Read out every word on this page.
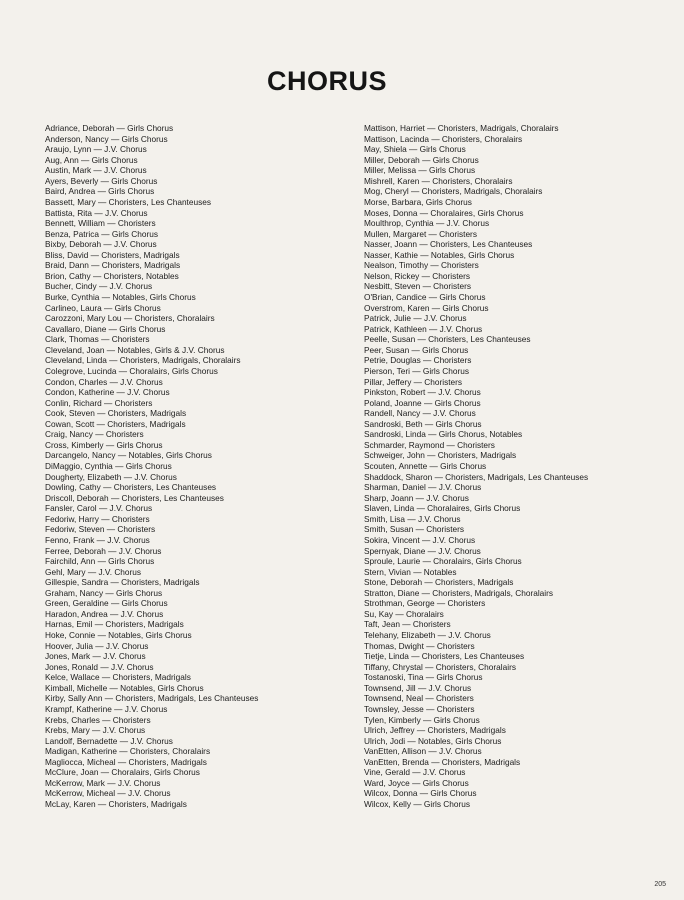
CHORUS
Adriance, Deborah — Girls Chorus
Anderson, Nancy — Girls Chorus
Araujo, Lynn — J.V. Chorus
Aug, Ann — Girls Chorus
Austin, Mark — J.V. Chorus
Ayers, Beverly — Girls Chorus
Baird, Andrea — Girls Chorus
Bassett, Mary — Choristers, Les Chanteuses
Battista, Rita — J.V. Chorus
Bennett, William — Choristers
Benza, Patrica — Girls Chorus
Bixby, Deborah — J.V. Chorus
Bliss, David — Choristers, Madrigals
Braid, Dann — Choristers, Madrigals
Brion, Cathy — Choristers, Notables
Bucher, Cindy — J.V. Chorus
Burke, Cynthia — Notables, Girls Chorus
Carlineo, Laura — Girls Chorus
Carozzoni, Mary Lou — Choristers, Choralairs
Cavallaro, Diane — Girls Chorus
Clark, Thomas — Choristers
Cleveland, Joan — Notables, Girls & J.V. Chorus
Cleveland, Linda — Choristers, Madrigals, Choralairs
Colegrove, Lucinda — Choralairs, Girls Chorus
Condon, Charles — J.V. Chorus
Condon, Katherine — J.V. Chorus
Conlin, Richard — Choristers
Cook, Steven — Choristers, Madrigals
Cowan, Scott — Choristers, Madrigals
Craig, Nancy — Choristers
Cross, Kimberly — Girls Chorus
Darcangelo, Nancy — Notables, Girls Chorus
DiMaggio, Cynthia — Girls Chorus
Dougherty, Elizabeth — J.V. Chorus
Dowling, Cathy — Choristers, Les Chanteuses
Driscoll, Deborah — Choristers, Les Chanteuses
Fansler, Carol — J.V. Chorus
Fedoriw, Harry — Choristers
Fedoriw, Steven — Choristers
Fenno, Frank — J.V. Chorus
Ferree, Deborah — J.V. Chorus
Fairchild, Ann — Girls Chorus
Gehl, Mary — J.V. Chorus
Gillespie, Sandra — Choristers, Madrigals
Graham, Nancy — Girls Chorus
Green, Geraldine — Girls Chorus
Haradon, Andrea — J.V. Chorus
Harnas, Emil — Choristers, Madrigals
Hoke, Connie — Notables, Girls Chorus
Hoover, Julia — J.V. Chorus
Jones, Mark — J.V. Chorus
Jones, Ronald — J.V. Chorus
Kelce, Wallace — Choristers, Madrigals
Kimball, Michelle — Notables, Girls Chorus
Kirby, Sally Ann — Choristers, Madrigals, Les Chanteuses
Krampf, Katherine — J.V. Chorus
Krebs, Charles — Choristers
Krebs, Mary — J.V. Chorus
Landolf, Bernadette — J.V. Chorus
Madigan, Katherine — Choristers, Choralairs
Magliocca, Micheal — Choristers, Madrigals
McClure, Joan — Choralairs, Girls Chorus
McKerrow, Mark — J.V. Chorus
McKerrow, Micheal — J.V. Chorus
McLay, Karen — Choristers, Madrigals
Mattison, Harriet — Choristers, Madrigals, Choralairs
Mattison, Lacinda — Choristers, Choralairs
May, Shiela — Girls Chorus
Miller, Deborah — Girls Chorus
Miller, Melissa — Girls Chorus
Mishrell, Karen — Choristers, Choralairs
Mog, Cheryl — Choristers, Madrigals, Choralairs
Morse, Barbara, Girls Chorus
Moses, Donna — Choralaires, Girls Chorus
Moulthrop, Cynthia — J.V. Chorus
Mullen, Margaret — Choristers
Nasser, Joann — Choristers, Les Chanteuses
Nasser, Kathie — Notables, Girls Chorus
Nealson, Timothy — Choristers
Nelson, Rickey — Choristers
Nesbitt, Steven — Choristers
O'Brian, Candice — Girls Chorus
Overstrom, Karen — Girls Chorus
Patrick, Julie — J.V. Chorus
Patrick, Kathleen — J.V. Chorus
Peelle, Susan — Choristers, Les Chanteuses
Peer, Susan — Girls Chorus
Petrie, Douglas — Choristers
Pierson, Teri — Girls Chorus
Pillar, Jeffery — Choristers
Pinkston, Robert — J.V. Chorus
Poland, Joanne — Girls Chorus
Randell, Nancy — J.V. Chorus
Sandroski, Beth — Girls Chorus
Sandroski, Linda — Girls Chorus, Notables
Schmarder, Raymond — Choristers
Schweiger, John — Choristers, Madrigals
Scouten, Annette — Girls Chorus
Shaddock, Sharon — Choristers, Madrigals, Les Chanteuses
Sharman, Daniel — J.V. Chorus
Sharp, Joann — J.V. Chorus
Slaven, Linda — Choralaires, Girls Chorus
Smith, Lisa — J.V. Chorus
Smith, Susan — Choristers
Sokira, Vincent — J.V. Chorus
Spernyak, Diane — J.V. Chorus
Sproule, Laurie — Choralairs, Girls Chorus
Stern, Vivian — Notables
Stone, Deborah — Choristers, Madrigals
Stratton, Diane — Choristers, Madrigals, Choralairs
Strothman, George — Choristers
Su, Kay — Choralairs
Taft, Jean — Choristers
Telehany, Elizabeth — J.V. Chorus
Thomas, Dwight — Choristers
Tietje, Linda — Choristers, Les Chanteuses
Tiffany, Chrystal — Choristers, Choralairs
Tostanoski, Tina — Girls Chorus
Townsend, Jill — J.V. Chorus
Townsend, Neal — Choristers
Townsley, Jesse — Choristers
Tylen, Kimberly — Girls Chorus
Ulrich, Jeffrey — Choristers, Madrigals
Ulrich, Jodi — Notables, Girls Chorus
VanEtten, Allison — J.V. Chorus
VanEtten, Brenda — Choristers, Madrigals
Vine, Gerald — J.V. Chorus
Ward, Joyce — Girls Chorus
Wilcox, Donna — Girls Chorus
Wilcox, Kelly — Girls Chorus
205
